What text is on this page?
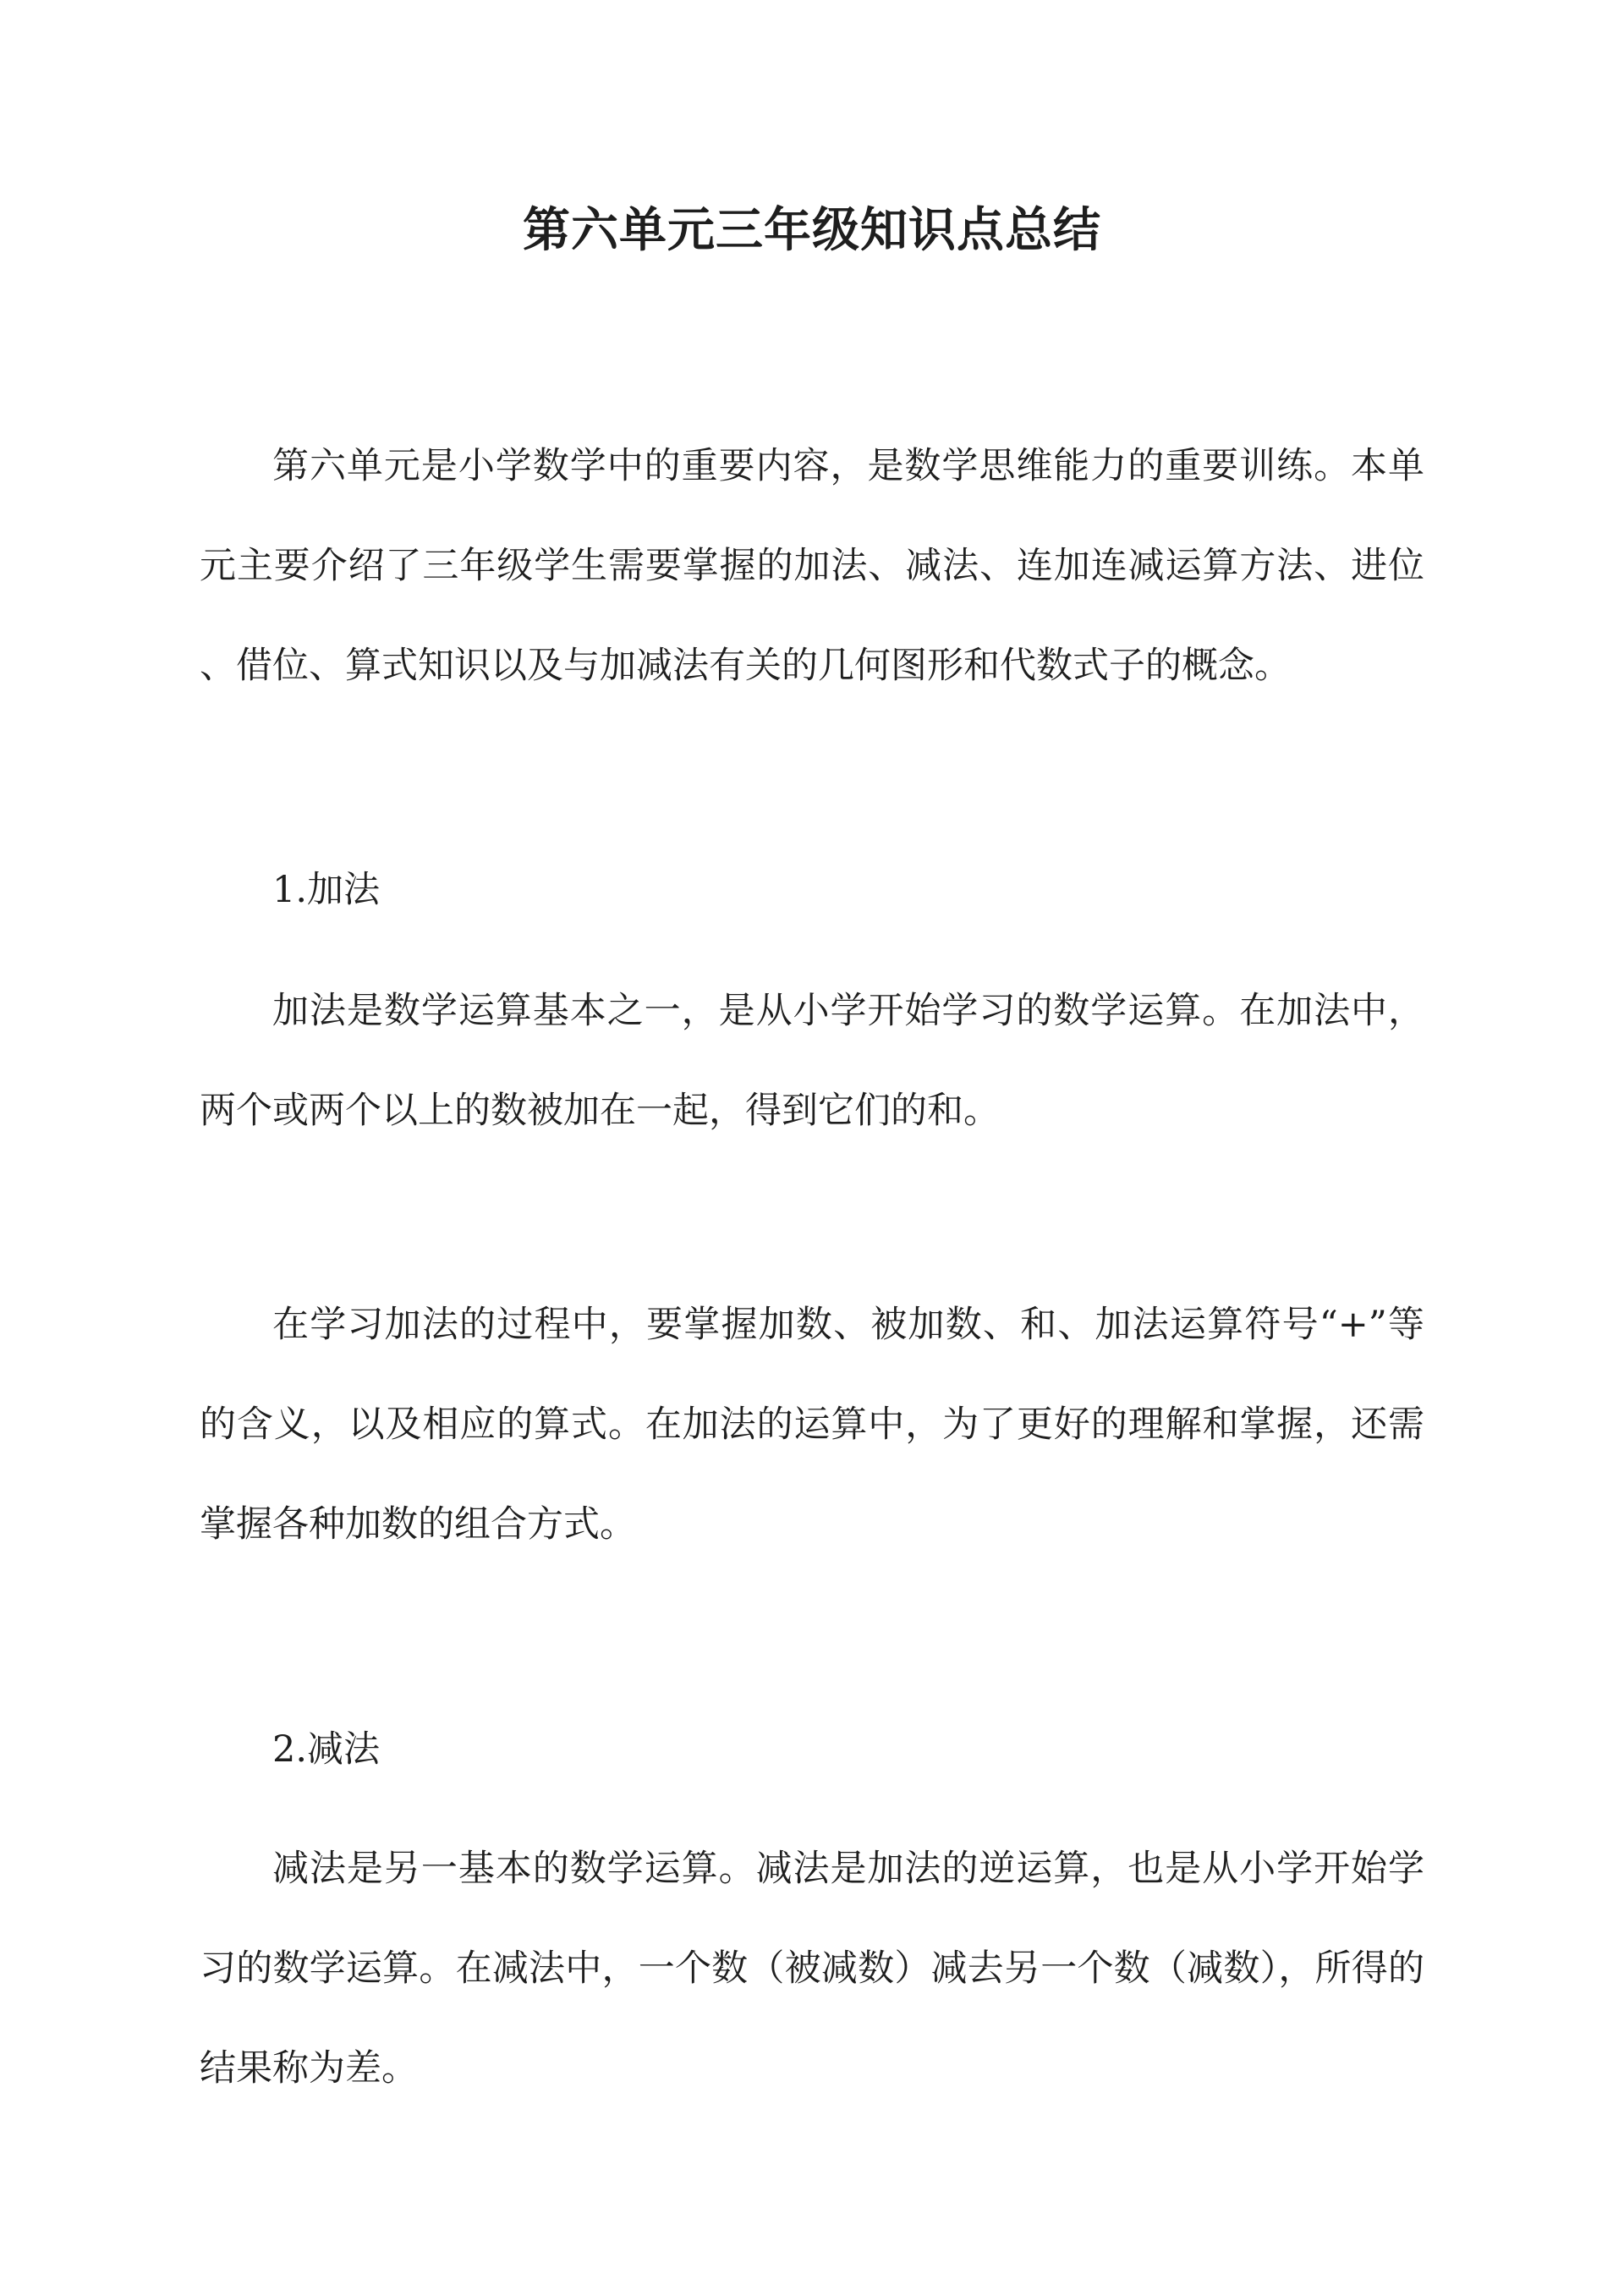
第六单元三年级知识点总结

第六单元是小学数学中的重要内容，是数学思维能力的重要训练。本单元主要介绍了三年级学生需要掌握的加法、减法、连加连减运算方法、进位、借位、算式知识以及与加减法有关的几何图形和代数式子的概念。

1.加法

加法是数学运算基本之一，是从小学开始学习的数学运算。在加法中，两个或两个以上的数被加在一起，得到它们的和。

在学习加法的过程中，要掌握加数、被加数、和、加法运算符号“+”等的含义，以及相应的算式。在加法的运算中，为了更好的理解和掌握，还需掌握各种加数的组合方式。

2.减法

减法是另一基本的数学运算。减法是加法的逆运算，也是从小学开始学习的数学运算。在减法中，一个数（被减数）减去另一个数（减数），所得的结果称为差。
